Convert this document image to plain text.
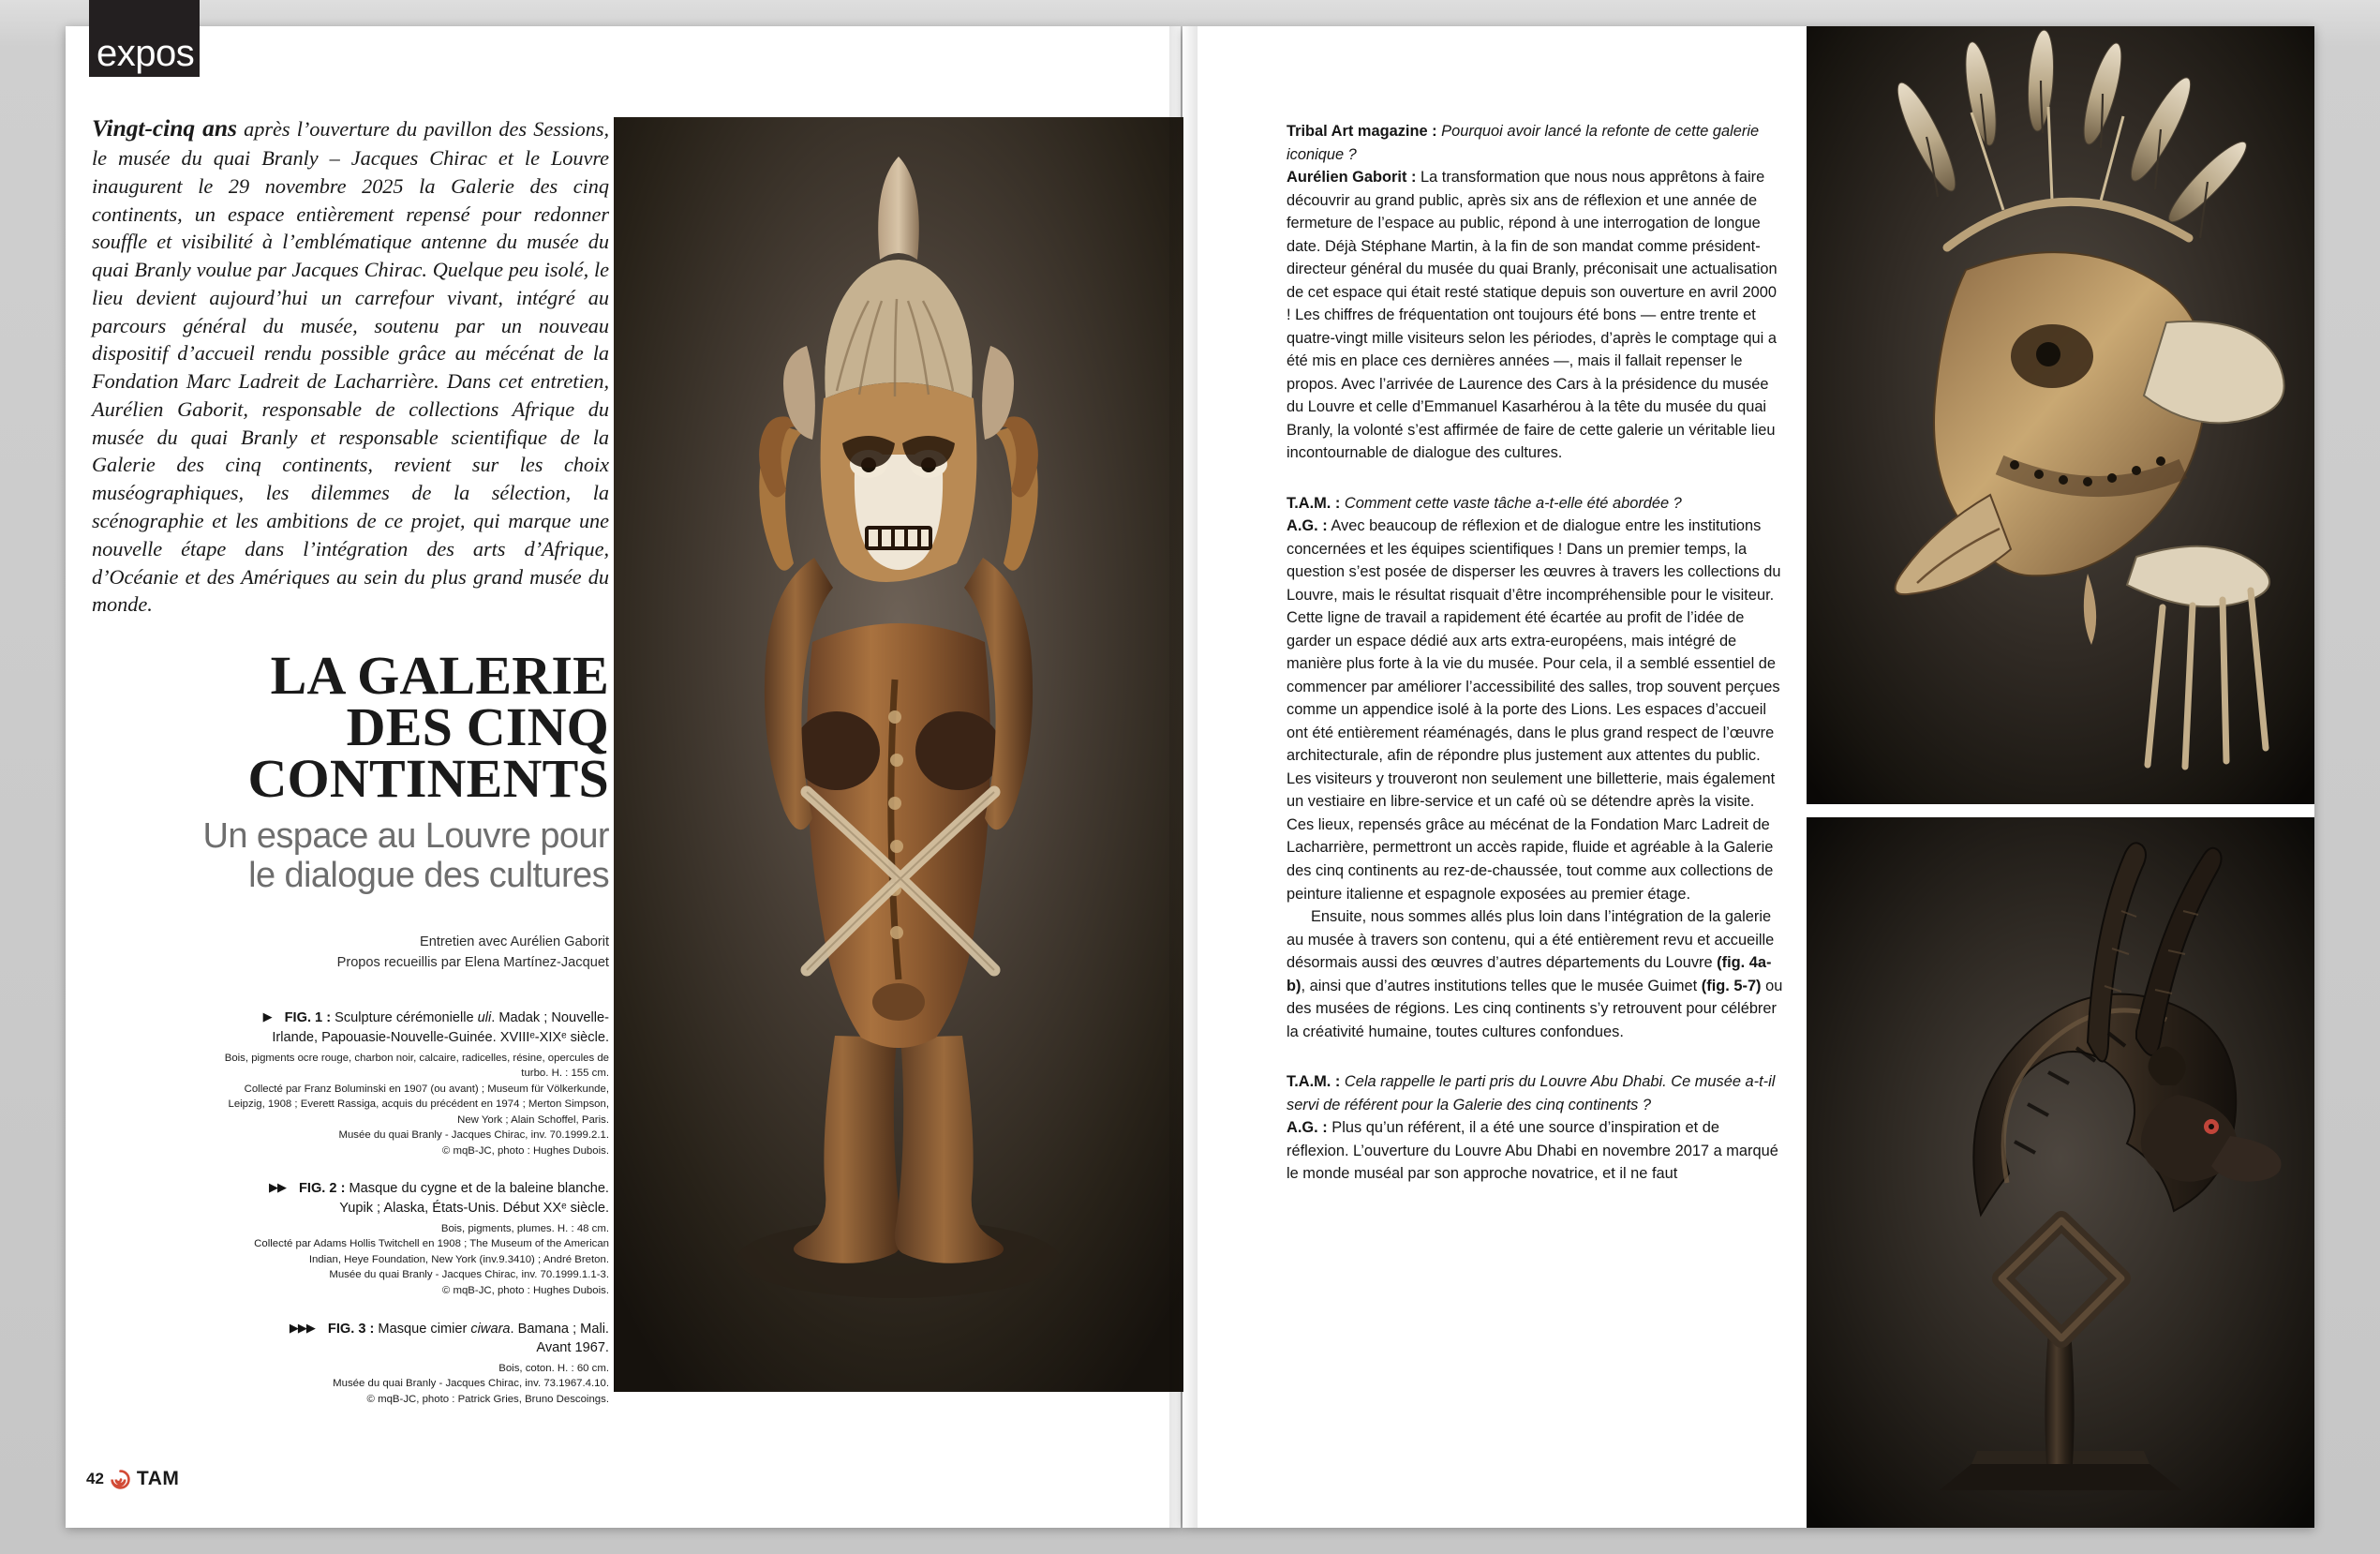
expos
Vingt-cinq ans après l’ouverture du pavillon des Sessions, le musée du quai Branly – Jacques Chirac et le Louvre inaugurent le 29 novembre 2025 la Galerie des cinq continents, un espace entièrement repensé pour redonner souffle et visibilité à l’emblématique antenne du musée du quai Branly voulue par Jacques Chirac. Quelque peu isolé, le lieu devient aujourd’hui un carrefour vivant, intégré au parcours général du musée, soutenu par un nouveau dispositif d’accueil rendu possible grâce au mécénat de la Fondation Marc Ladreit de Lacharrière. Dans cet entretien, Aurélien Gaborit, responsable de collections Afrique du musée du quai Branly et responsable scientifique de la Galerie des cinq continents, revient sur les choix muséographiques, les dilemmes de la sélection, la scénographie et les ambitions de ce projet, qui marque une nouvelle étape dans l’intégration des arts d’Afrique, d’Océanie et des Amériques au sein du plus grand musée du monde.
LA GALERIE
DES CINQ
CONTINENTS
Un espace au Louvre pour
le dialogue des cultures
Entretien avec Aurélien Gaborit
Propos recueillis par Elena Martínez-Jacquet
▶ FIG. 1 : Sculpture cérémonielle uli. Madak ; Nouvelle-
Irlande, Papouasie-Nouvelle-Guinée. XVIIIᵉ-XIXᵉ siècle.
Bois, pigments ocre rouge, charbon noir, calcaire, radicelles, résine, opercules de
turbo. H. : 155 cm.
Collecté par Franz Boluminski en 1907 (ou avant) ; Museum für Völkerkunde,
Leipzig, 1908 ; Everett Rassiga, acquis du précédent en 1974 ; Merton Simpson,
New York ; Alain Schoffel, Paris.
Musée du quai Branly - Jacques Chirac, inv. 70.1999.2.1.
© mqB-JC, photo : Hughes Dubois.
▶▶ FIG. 2 : Masque du cygne et de la baleine blanche.
Yupik ; Alaska, États-Unis. Début XXᵉ siècle.
Bois, pigments, plumes. H. : 48 cm.
Collecté par Adams Hollis Twitchell en 1908 ; The Museum of the American
Indian, Heye Foundation, New York (inv.9.3410) ; André Breton.
Musée du quai Branly - Jacques Chirac, inv. 70.1999.1.1-3.
© mqB-JC, photo : Hughes Dubois.
▶▶▶ FIG. 3 : Masque cimier ciwara. Bamana ; Mali.
Avant 1967.
Bois, coton. H. : 60 cm.
Musée du quai Branly - Jacques Chirac, inv. 73.1967.4.10.
© mqB-JC, photo : Patrick Gries, Bruno Descoings.

Tribal Art magazine : Pourquoi avoir lancé la refonte de cette galerie iconique ?

Aurélien Gaborit : La transformation que nous nous apprêtons à faire découvrir au grand public, après six ans de réflexion et une année de fermeture de l’espace au public, répond à une interrogation de longue date. Déjà Stéphane Martin, à la fin de son mandat comme président-directeur général du musée du quai Branly, préconisait une actualisation de cet espace qui était resté statique depuis son ouverture en avril 2000 ! Les chiffres de fréquentation ont toujours été bons — entre trente et quatre-vingt mille visiteurs selon les périodes, d’après le comptage qui a été mis en place ces dernières années —, mais il fallait repenser le propos. Avec l’arrivée de Laurence des Cars à la présidence du musée du Louvre et celle d’Emmanuel Kasarhérou à la tête du musée du quai Branly, la volonté s’est affirmée de faire de cette galerie un véritable lieu incontournable de dialogue des cultures.

T.A.M. : Comment cette vaste tâche a-t-elle été abordée ?

A.G. : Avec beaucoup de réflexion et de dialogue entre les institutions concernées et les équipes scientifiques ! Dans un premier temps, la question s’est posée de disperser les œuvres à travers les collections du Louvre, mais le résultat risquait d’être incompréhensible pour le visiteur. Cette ligne de travail a rapidement été écartée au profit de l’idée de garder un espace dédié aux arts extra-européens, mais intégré de manière plus forte à la vie du musée. Pour cela, il a semblé essentiel de commencer par améliorer l’accessibilité des salles, trop souvent perçues comme un appendice isolé à la porte des Lions. Les espaces d’accueil ont été entièrement réaménagés, dans le plus grand respect de l’œuvre architecturale, afin de répondre plus justement aux attentes du public. Les visiteurs y trouveront non seulement une billetterie, mais également un vestiaire en libre-service et un café où se détendre après la visite. Ces lieux, repensés grâce au mécénat de la Fondation Marc Ladreit de Lacharrière, permettront un accès rapide, fluide et agréable à la Galerie des cinq continents au rez-de-chaussée, tout comme aux collections de peinture italienne et espagnole exposées au premier étage.

Ensuite, nous sommes allés plus loin dans l’intégration de la galerie au musée à travers son contenu, qui a été entièrement revu et accueille désormais aussi des œuvres d’autres départements du Louvre (fig. 4a-b), ainsi que d’autres institutions telles que le musée Guimet (fig. 5-7) ou des musées de régions. Les cinq continents s’y retrouvent pour célébrer la créativité humaine, toutes cultures confondues.

T.A.M. : Cela rappelle le parti pris du Louvre Abu Dhabi. Ce musée a-t-il servi de référent pour la Galerie des cinq continents ?

A.G. : Plus qu’un référent, il a été une source d’inspiration et de réflexion. L’ouverture du Louvre Abu Dhabi en novembre 2017 a marqué le monde muséal par son approche novatrice, et il ne faut

42 TAM
